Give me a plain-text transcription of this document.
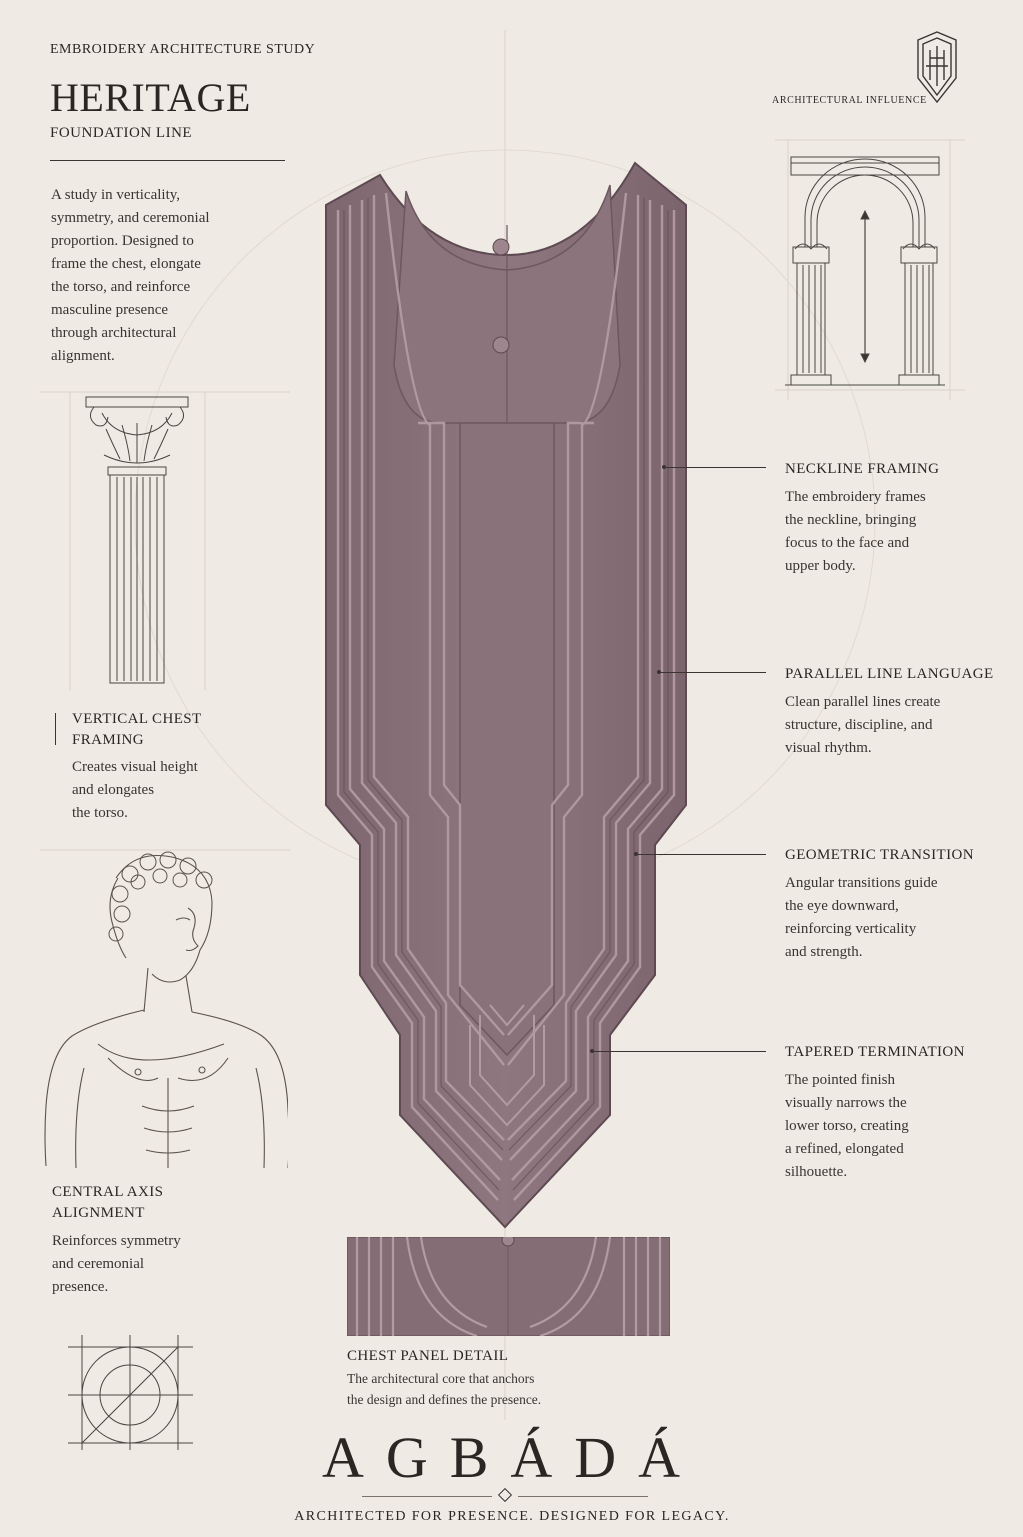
EMBROIDERY ARCHITECTURE STUDY
HERITAGE
FOUNDATION LINE
A study in verticality,
symmetry, and ceremonial
proportion. Designed to
frame the chest, elongate
the torso, and reinforce
masculine presence
through architectural
alignment.
ARCHITECTURAL INFLUENCE
VERTICAL CHEST
FRAMING
Creates visual height
and elongates
the torso.
CENTRAL AXIS
ALIGNMENT
Reinforces symmetry
and ceremonial
presence.
NECKLINE FRAMING
The embroidery frames
the neckline, bringing
focus to the face and
upper body.
PARALLEL LINE LANGUAGE
Clean parallel lines create
structure, discipline, and
visual rhythm.
GEOMETRIC TRANSITION
Angular transitions guide
the eye downward,
reinforcing verticality
and strength.
TAPERED TERMINATION
The pointed finish
visually narrows the
lower torso, creating
a refined, elongated
silhouette.
CHEST PANEL DETAIL
The architectural core that anchors
the design and defines the presence.
AGBÁDÁ
ARCHITECTED FOR PRESENCE. DESIGNED FOR LEGACY.
